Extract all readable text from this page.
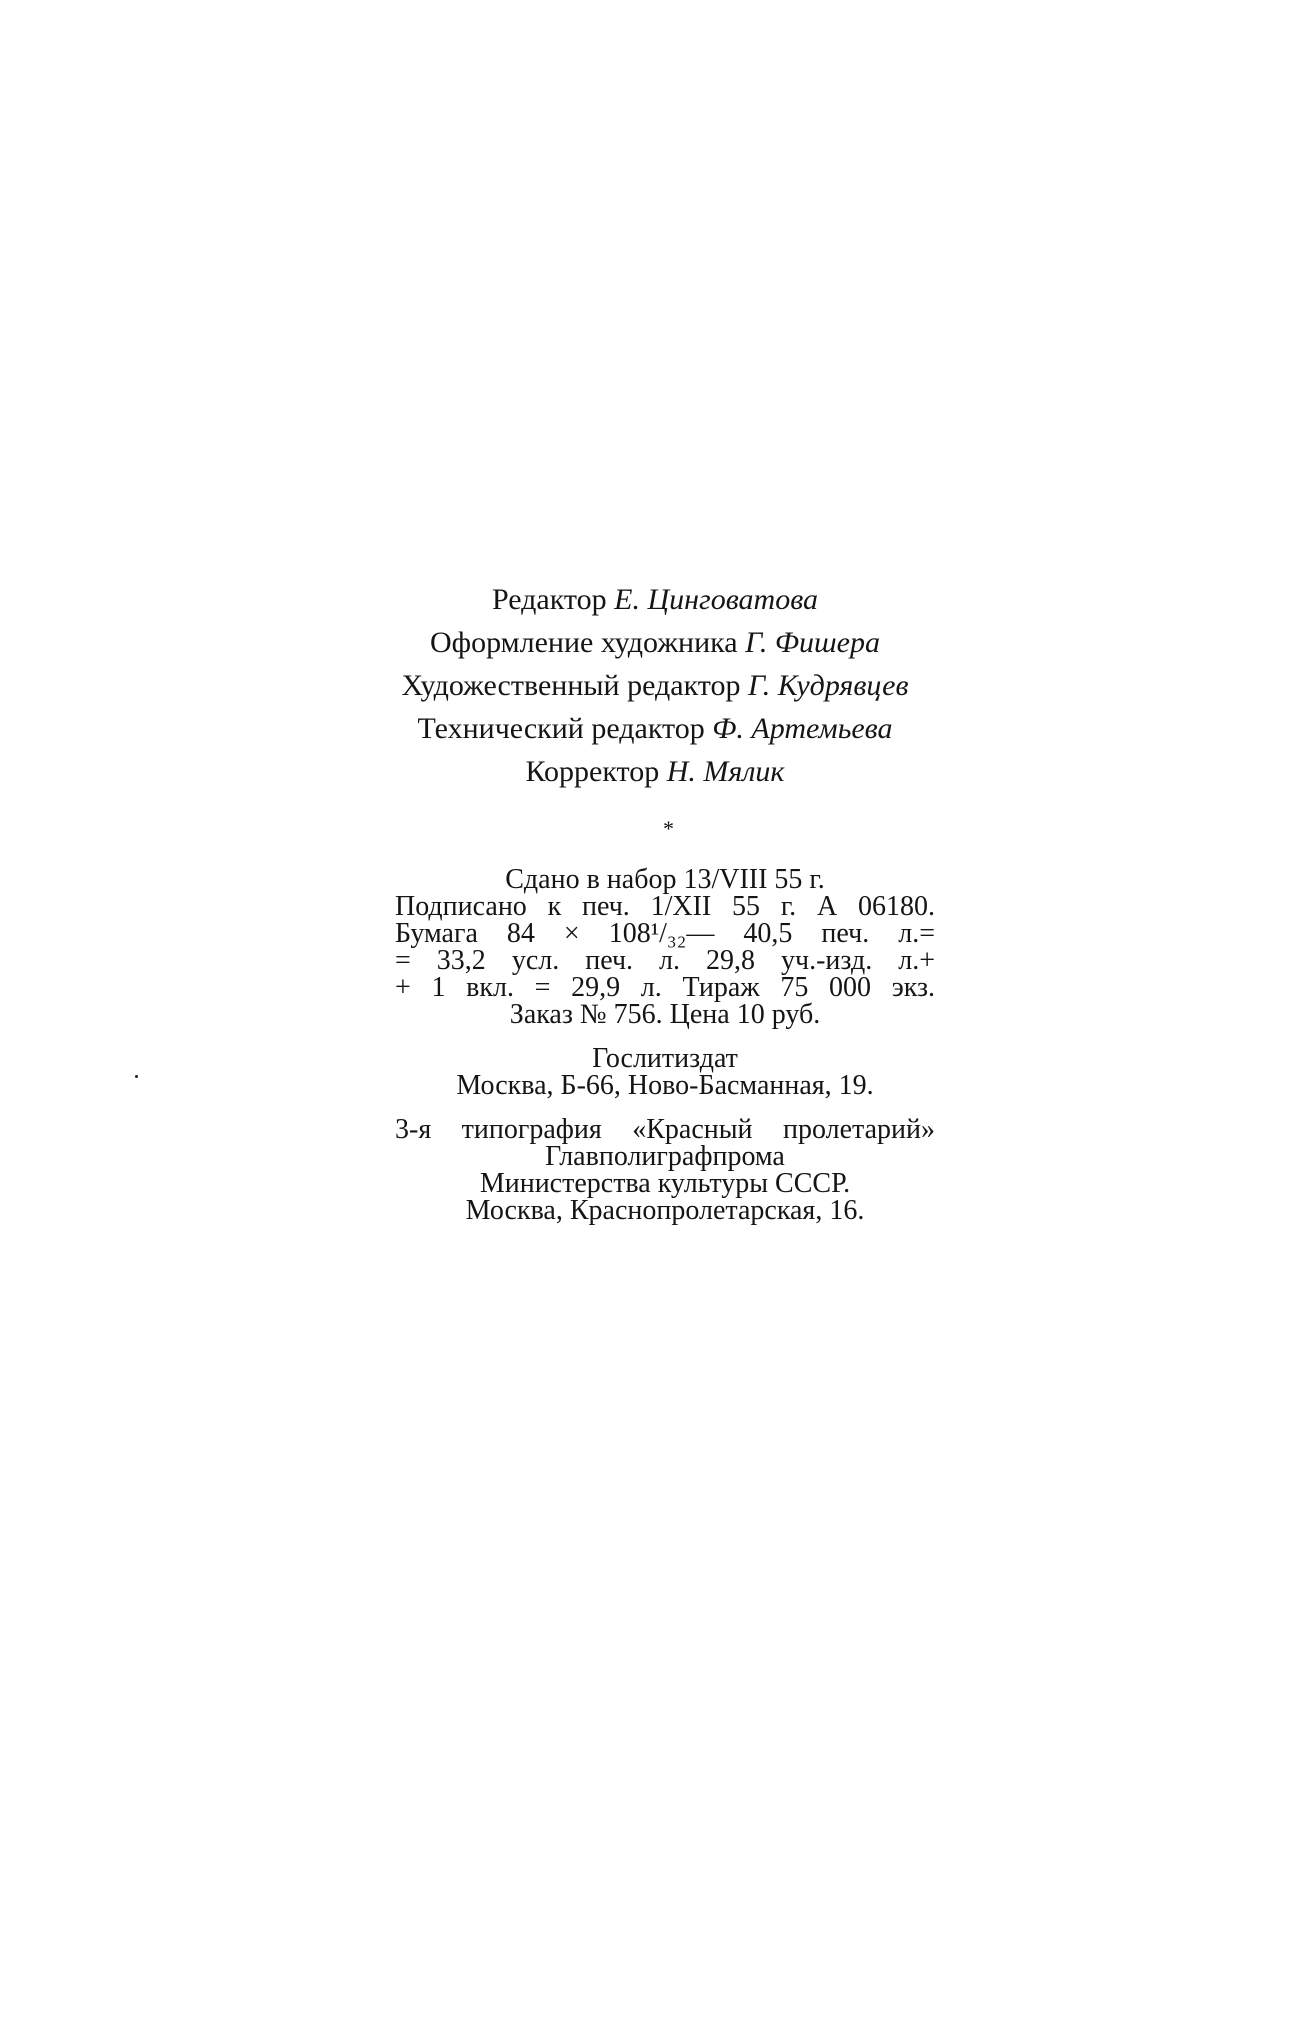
Редактор Е. Цинговатова
Оформление художника Г. Фишера
Художественный редактор Г. Кудрявцев
Технический редактор Ф. Артемьева
Корректор Н. Мялик
*
Сдано в набор 13/VIII 55 г.
Подписано к печ. 1/XII 55 г. А 06180.
Бумага 84 × 108¹/₃₂— 40,5 печ. л.=
= 33,2 усл. печ. л. 29,8 уч.-изд. л.+
+ 1 вкл. = 29,9 л. Тираж 75 000 экз.
Заказ № 756. Цена 10 руб.
Гослитиздат
Москва, Б-66, Ново-Басманная, 19.
3-я типография «Красный пролетарий»
Главполиграфпрома
Министерства культуры СССР.
Москва, Краснопролетарская, 16.
